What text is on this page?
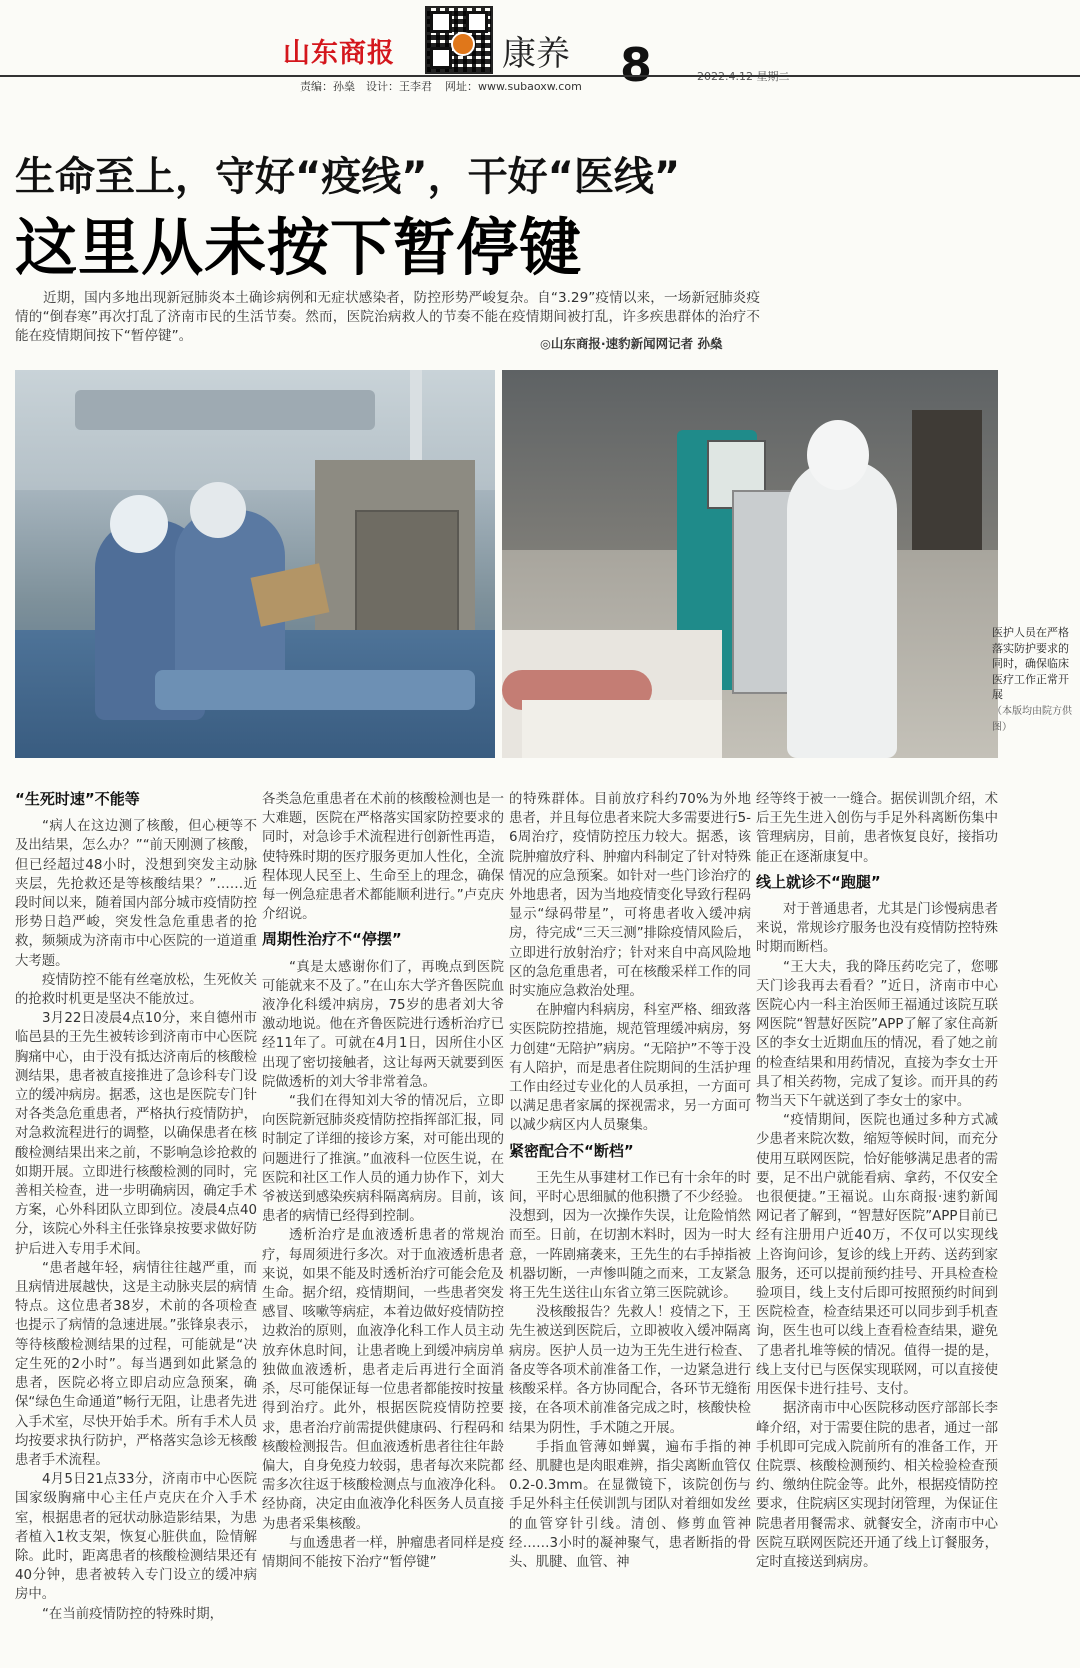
山东商报	康养 8	2022.4.12 星期二
责编：孙燊　设计：王李君 网址：www.subaoxw.com
生命至上，守好“疫线”，干好“医线”
这里从未按下暂停键
近期，国内多地出现新冠肺炎本土确诊病例和无症状感染者，防控形势严峻复杂。自“3.29”疫情以来，一场新冠肺炎疫情的“倒春寒”再次打乱了济南市民的生活节奏。然而，医院治病救人的节奏不能在疫情期间被打乱，许多疾患群体的治疗不能在疫情期间按下“暂停键”。	◎山东商报·速豹新闻网记者 孙燊
医护人员在严格落实防护要求的同时，确保临床医疗工作正常开展
（本版均由院方供图）
“生死时速”不能等

“病人在这边测了核酸，但心梗等不及出结果，怎么办？”“前天刚测了核酸，但已经超过48小时，没想到突发主动脉夹层，先抢救还是等核酸结果？”……近段时间以来，随着国内部分城市疫情防控形势日趋严峻，突发性急危重患者的抢救，频频成为济南市中心医院的一道道重大考题。

疫情防控不能有丝毫放松，生死攸关的抢救时机更是坚决不能放过。

3月22日凌晨4点10分，来自德州市临邑县的王先生被转诊到济南市中心医院胸痛中心，由于没有抵达济南后的核酸检测结果，患者被直接推进了急诊科专门设立的缓冲病房。据悉，这也是医院专门针对各类急危重患者，严格执行疫情防护，对急救流程进行的调整，以确保患者在核酸检测结果出来之前，不影响急诊抢救的如期开展。立即进行核酸检测的同时，完善相关检查，进一步明确病因，确定手术方案，心外科团队立即到位。凌晨4点40分，该院心外科主任张锋泉按要求做好防护后进入专用手术间。

“患者越年轻，病情往往越严重，而且病情进展越快，这是主动脉夹层的病情特点。这位患者38岁，术前的各项检查也提示了病情的急速进展。”张锋泉表示，等待核酸检测结果的过程，可能就是“决定生死的2小时”。每当遇到如此紧急的患者，医院必将立即启动应急预案，确保“绿色生命通道”畅行无阻，让患者先进入手术室，尽快开始手术。所有手术人员均按要求执行防护，严格落实急诊无核酸患者手术流程。

4月5日21点33分，济南市中心医院国家级胸痛中心主任卢克庆在介入手术室，根据患者的冠状动脉造影结果，为患者植入1枚支架，恢复心脏供血，险情解除。此时，距离患者的核酸检测结果还有40分钟，患者被转入专门设立的缓冲病房中。

“在当前疫情防控的特殊时期，

各类急危重患者在术前的核酸检测也是一大难题，医院在严格落实国家防控要求的同时，对急诊手术流程进行创新性再造，使特殊时期的医疗服务更加人性化，全流程体现人民至上、生命至上的理念，确保每一例急症患者术都能顺利进行。”卢克庆介绍说。

周期性治疗不“停摆”

“真是太感谢你们了，再晚点到医院可能就来不及了。”在山东大学齐鲁医院血液净化科缓冲病房，75岁的患者刘大爷激动地说。他在齐鲁医院进行透析治疗已经11年了。可就在4月1日，因所住小区出现了密切接触者，这让每两天就要到医院做透析的刘大爷非常着急。

“我们在得知刘大爷的情况后，立即向医院新冠肺炎疫情防控指挥部汇报，同时制定了详细的接诊方案，对可能出现的问题进行了推演。”血液科一位医生说，在医院和社区工作人员的通力协作下，刘大爷被送到感染疾病科隔离病房。目前，该患者的病情已经得到控制。

透析治疗是血液透析患者的常规治疗，每周须进行多次。对于血液透析患者来说，如果不能及时透析治疗可能会危及生命。据介绍，疫情期间，一些患者突发感冒、咳嗽等病症，本着边做好疫情防控边救治的原则，血液净化科工作人员主动放弃休息时间，让患者晚上到缓冲病房单独做血液透析，患者走后再进行全面消杀，尽可能保证每一位患者都能按时按量得到治疗。此外，根据医院疫情防控要求，患者治疗前需提供健康码、行程码和核酸检测报告。但血液透析患者往往年龄偏大，自身免疫力较弱，患者每次来院都需多次往返于核酸检测点与血液净化科。经协商，决定由血液净化科医务人员直接为患者采集核酸。

与血透患者一样，肿瘤患者同样是疫情期间不能按下治疗“暂停键”

的特殊群体。目前放疗科约70%为外地患者，并且每位患者来院大多需要进行5-6周治疗，疫情防控压力较大。据悉，该院肿瘤放疗科、肿瘤内科制定了针对特殊情况的应急预案。如针对一些门诊治疗的外地患者，因为当地疫情变化导致行程码显示“绿码带星”，可将患者收入缓冲病房，待完成“三天三测”排除疫情风险后，立即进行放射治疗；针对来自中高风险地区的急危重患者，可在核酸采样工作的同时实施应急救治处理。

在肿瘤内科病房，科室严格、细致落实医院防控措施，规范管理缓冲病房，努力创建“无陪护”病房。“无陪护”不等于没有人陪护，而是患者住院期间的生活护理工作由经过专业化的人员承担，一方面可以满足患者家属的探视需求，另一方面可以减少病区内人员聚集。

紧密配合不“断档”

王先生从事建材工作已有十余年的时间，平时心思细腻的他积攒了不少经验。没想到，因为一次操作失误，让危险悄然而至。日前，在切割木料时，因为一时大意，一阵剧痛袭来，王先生的右手掉指被机器切断，一声惨叫随之而来，工友紧急将王先生送往山东省立第三医院就诊。

没核酸报告？先救人！疫情之下，王先生被送到医院后，立即被收入缓冲隔离病房。医护人员一边为王先生进行检查、备皮等各项术前准备工作，一边紧急进行核酸采样。各方协同配合，各环节无缝衔接，在各项术前准备完成之时，核酸快检结果为阴性，手术随之开展。

手指血管薄如蝉翼，遍布手指的神经、肌腱也是肉眼难辨，指尖离断血管仅0.2-0.3mm。在显微镜下，该院创伤与手足外科主任侯训凯与团队对着细如发丝的血管穿针引线。清创、修剪血管神经……3小时的凝神聚气，患者断指的骨头、肌腱、血管、神

经等终于被一一缝合。据侯训凯介绍，术后王先生进入创伤与手足外科离断伤集中管理病房，目前，患者恢复良好，接指功能正在逐渐康复中。

线上就诊不“跑腿”

对于普通患者，尤其是门诊慢病患者来说，常规诊疗服务也没有疫情防控特殊时期而断档。

“王大夫，我的降压药吃完了，您哪天门诊我再去看看？”近日，济南市中心医院心内一科主治医师王福通过该院互联网医院“智慧好医院”APP了解了家住高新区的李女士近期血压的情况，看了她之前的检查结果和用药情况，直接为李女士开具了相关药物，完成了复诊。而开具的药物当天下午就送到了李女士的家中。

“疫情期间，医院也通过多种方式减少患者来院次数，缩短等候时间，而充分使用互联网医院，恰好能够满足患者的需要，足不出户就能看病、拿药，不仅安全也很便捷。”王福说。山东商报·速豹新闻网记者了解到，“智慧好医院”APP目前已经有注册用户近40万，不仅可以实现线上咨询问诊，复诊的线上开药、送药到家服务，还可以提前预约挂号、开具检查检验项目，线上支付后即可按照预约时间到医院检查，检查结果还可以同步到手机查询，医生也可以线上查看检查结果，避免了患者扎堆等候的情况。值得一提的是，线上支付已与医保实现联网，可以直接使用医保卡进行挂号、支付。

据济南市中心医院移动医疗部部长李峰介绍，对于需要住院的患者，通过一部手机即可完成入院前所有的准备工作，开住院票、核酸检测预约、相关检验检查预约、缴纳住院金等。此外，根据疫情防控要求，住院病区实现封闭管理，为保证住院患者用餐需求、就餐安全，济南市中心医院互联网医院还开通了线上订餐服务，定时直接送到病房。
